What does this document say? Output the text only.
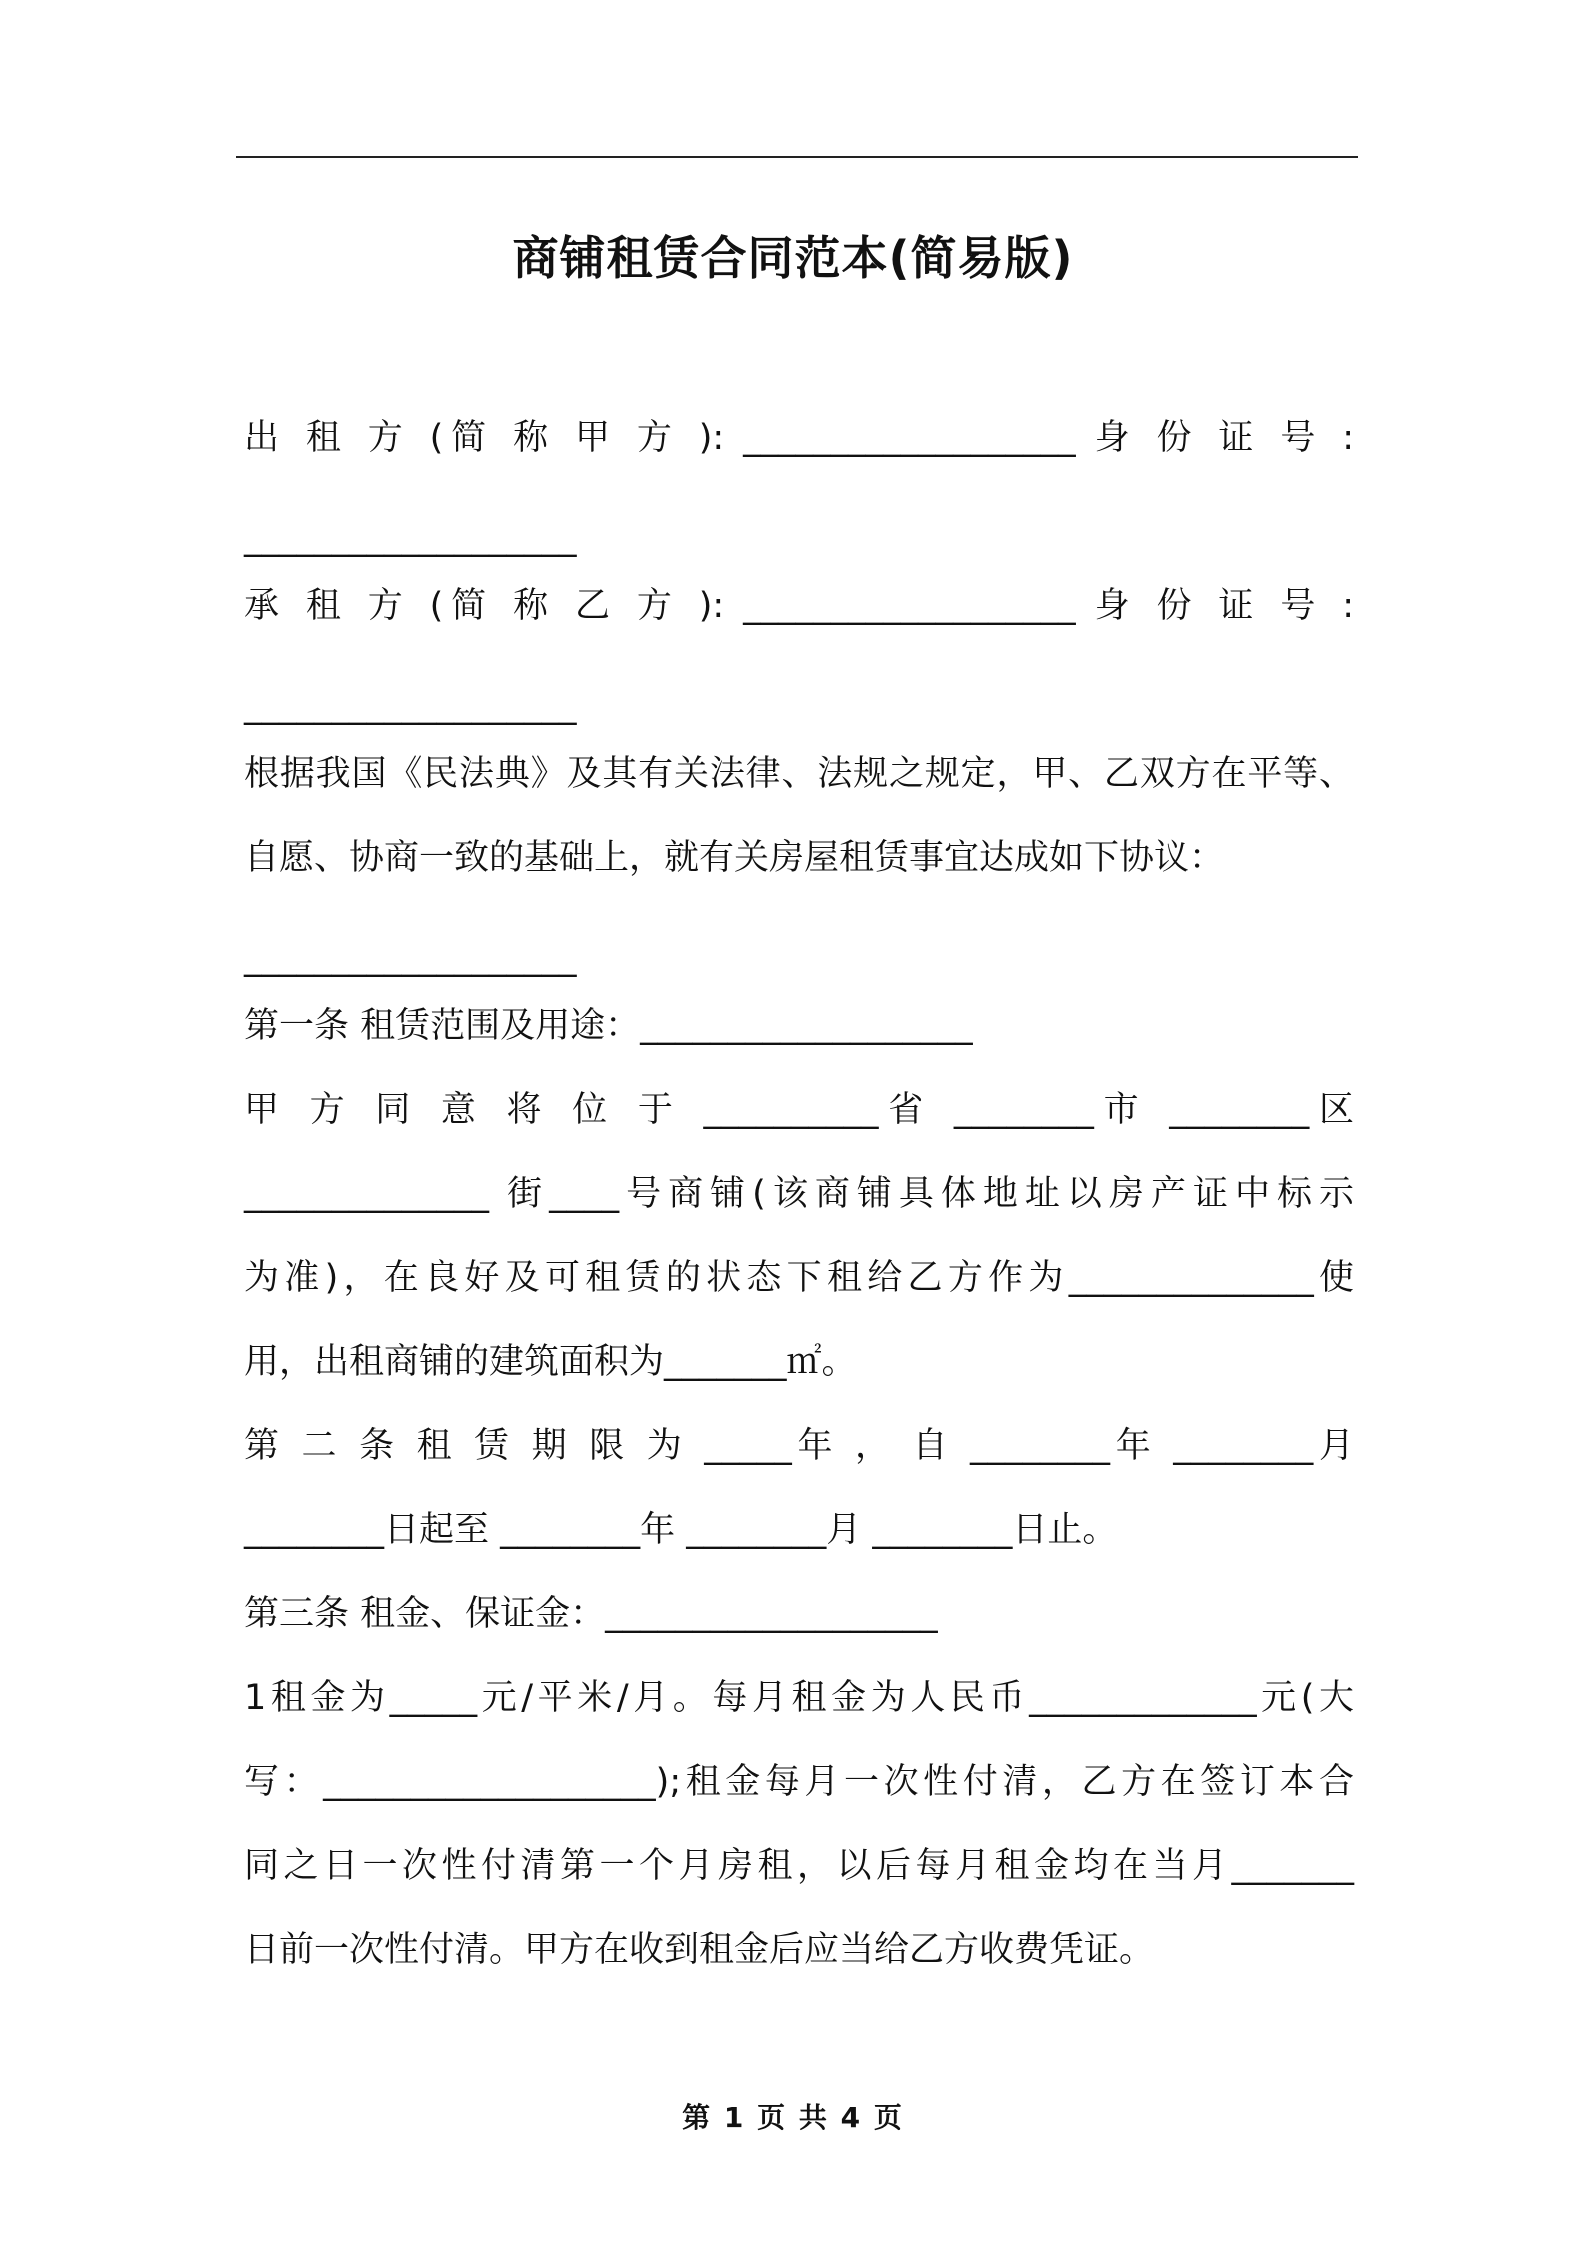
商铺租赁合同范本(简易版)
出 租 方 (简 称 甲 方 ): ___________________ 身 份 证 号 :
___________________
承 租 方 (简 称 乙 方 ): ___________________ 身 份 证 号 :
___________________
根据我国《民法典》及其有关法律、法规之规定，甲、乙双方在平等、
自愿、协商一致的基础上，就有关房屋租赁事宜达成如下协议：
___________________
第一条 租赁范围及用途：___________________
甲 方 同 意 将 位 于 __________省 ________市 ________区
______________ 街____号商铺(该商铺具体地址以房产证中标示
为准)，在良好及可租赁的状态下租给乙方作为______________使
用，出租商铺的建筑面积为_______㎡。
第 二 条 租 赁 期 限 为 _____年 ， 自 ________年 ________月
________日起至 ________年 ________月 ________日止。
第三条 租金、保证金：___________________
1租金为_____元/平米/月。每月租金为人民币_____________元(大
写：___________________);租金每月一次性付清，乙方在签订本合
同之日一次性付清第一个月房租，以后每月租金均在当月_______
日前一次性付清。甲方在收到租金后应当给乙方收费凭证。
第 1 页 共 4 页
